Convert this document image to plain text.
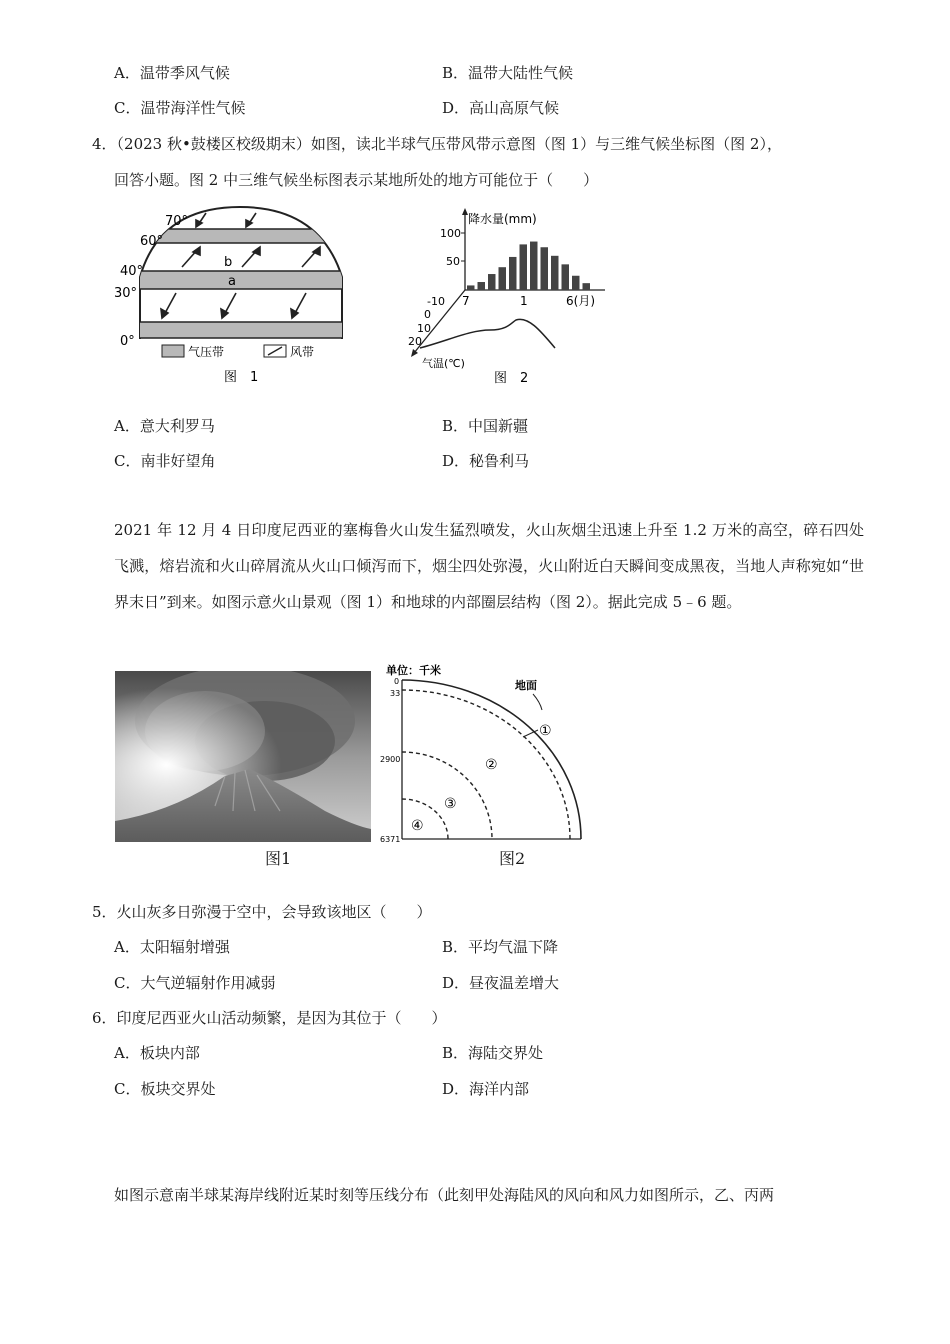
A．温带季风气候	B．温带大陆性气候
C．温带海洋性气候	D．高山高原气候
4．（2023 秋•鼓楼区校级期末）如图，读北半球气压带风带示意图（图 1）与三维气候坐标图（图 2），
回答小题。图 2 中三维气候坐标图表示某地所处的地方可能位于（　　）
70°
60°
40°
30°
0°
a
b
气压带	风带
图　1
降水量(mm)
100
50
7	1	6(月)
-10
0
10
20
气温(℃)
图　2
A．意大利罗马	B．中国新疆
C．南非好望角	D．秘鲁利马
2021 年 12 月 4 日印度尼西亚的塞梅鲁火山发生猛烈喷发，火山灰烟尘迅速上升至 1.2 万米的高空，碎石四处飞溅，熔岩流和火山碎屑流从火山口倾泻而下，烟尘四处弥漫，火山附近白天瞬间变成黑夜，当地人声称宛如“世界末日”到来。如图示意火山景观（图 1）和地球的内部圈层结构（图 2）。据此完成 5﹣6 题。
单位：千米
0
33
2900
6371
地面
①
②
③
④
图1	图2
5．火山灰多日弥漫于空中，会导致该地区（　　）
A．太阳辐射增强	B．平均气温下降
C．大气逆辐射作用减弱	D．昼夜温差增大
6．印度尼西亚火山活动频繁，是因为其位于（　　）
A．板块内部	B．海陆交界处
C．板块交界处	D．海洋内部
如图示意南半球某海岸线附近某时刻等压线分布（此刻甲处海陆风的风向和风力如图所示，乙、丙两
